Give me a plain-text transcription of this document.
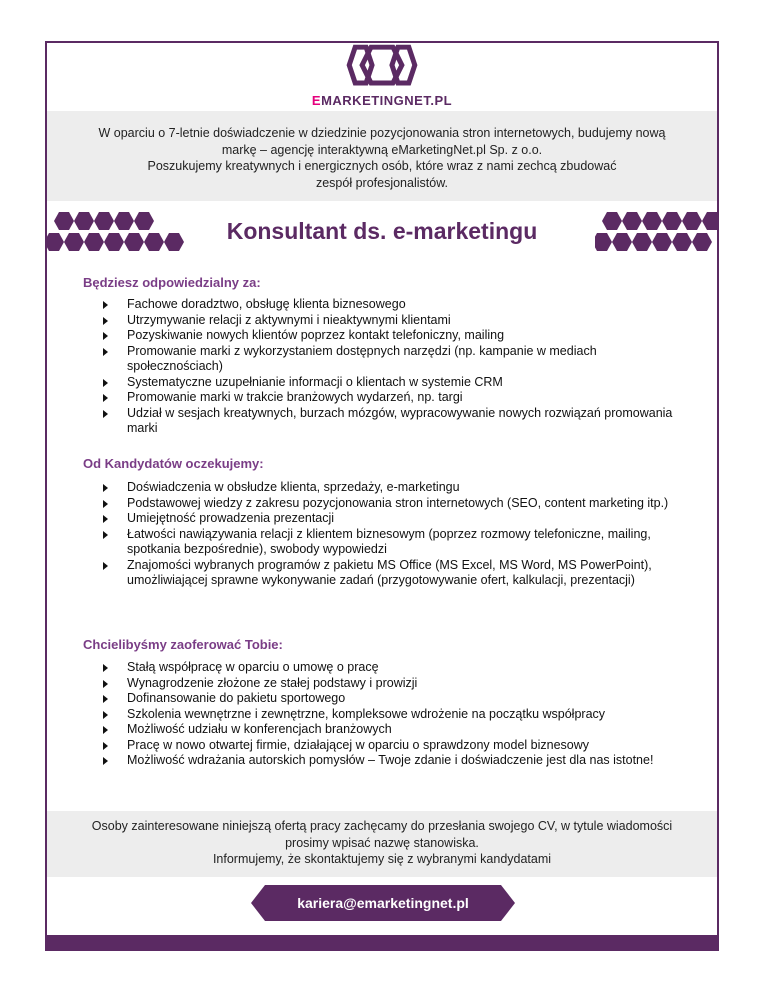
EMARKETINGNET.PL

W oparciu o 7-letnie doświadczenie w dziedzinie pozycjonowania stron internetowych, budujemy nową

markę – agencję interaktywną eMarketingNet.pl Sp. z o.o.

Poszukujemy kreatywnych i energicznych osób, które wraz z nami zechcą zbudować

zespół profesjonalistów.

Konsultant ds. e-marketingu
Będziesz odpowiedzialny za:
Fachowe doradztwo, obsługę klienta biznesowego
Utrzymywanie relacji z aktywnymi i nieaktywnymi klientami
Pozyskiwanie nowych klientów poprzez kontakt telefoniczny, mailing
Promowanie marki z wykorzystaniem dostępnych narzędzi (np. kampanie w mediach społecznościach)
Systematyczne uzupełnianie informacji o klientach w systemie CRM
Promowanie marki w trakcie branżowych wydarzeń, np. targi
Udział w sesjach kreatywnych, burzach mózgów, wypracowywanie nowych rozwiązań promowania marki
Od Kandydatów oczekujemy:
Doświadczenia w obsłudze klienta, sprzedaży, e-marketingu
Podstawowej wiedzy z zakresu pozycjonowania stron internetowych (SEO, content marketing itp.)
Umiejętność prowadzenia prezentacji
Łatwości nawiązywania relacji z klientem biznesowym (poprzez rozmowy telefoniczne, mailing, spotkania bezpośrednie), swobody wypowiedzi
Znajomości wybranych programów z pakietu MS Office (MS Excel, MS Word, MS PowerPoint), umożliwiającej sprawne wykonywanie zadań (przygotowywanie ofert, kalkulacji, prezentacji)
Chcielibyśmy zaoferować Tobie:
Stałą współpracę w oparciu o umowę o pracę
Wynagrodzenie złożone ze stałej podstawy i prowizji
Dofinansowanie do pakietu sportowego
Szkolenia wewnętrzne i zewnętrzne, kompleksowe wdrożenie na początku współpracy
Możliwość udziału w konferencjach branżowych
Pracę w nowo otwartej firmie, działającej w oparciu o sprawdzony model biznesowy
Możliwość wdrażania autorskich pomysłów – Twoje zdanie i doświadczenie jest dla nas istotne!

Osoby zainteresowane niniejszą ofertą pracy zachęcamy do przesłania swojego CV, w tytule wiadomości

prosimy wpisać nazwę stanowiska.

Informujemy, że skontaktujemy się z wybranymi kandydatami

kariera@emarketingnet.pl
